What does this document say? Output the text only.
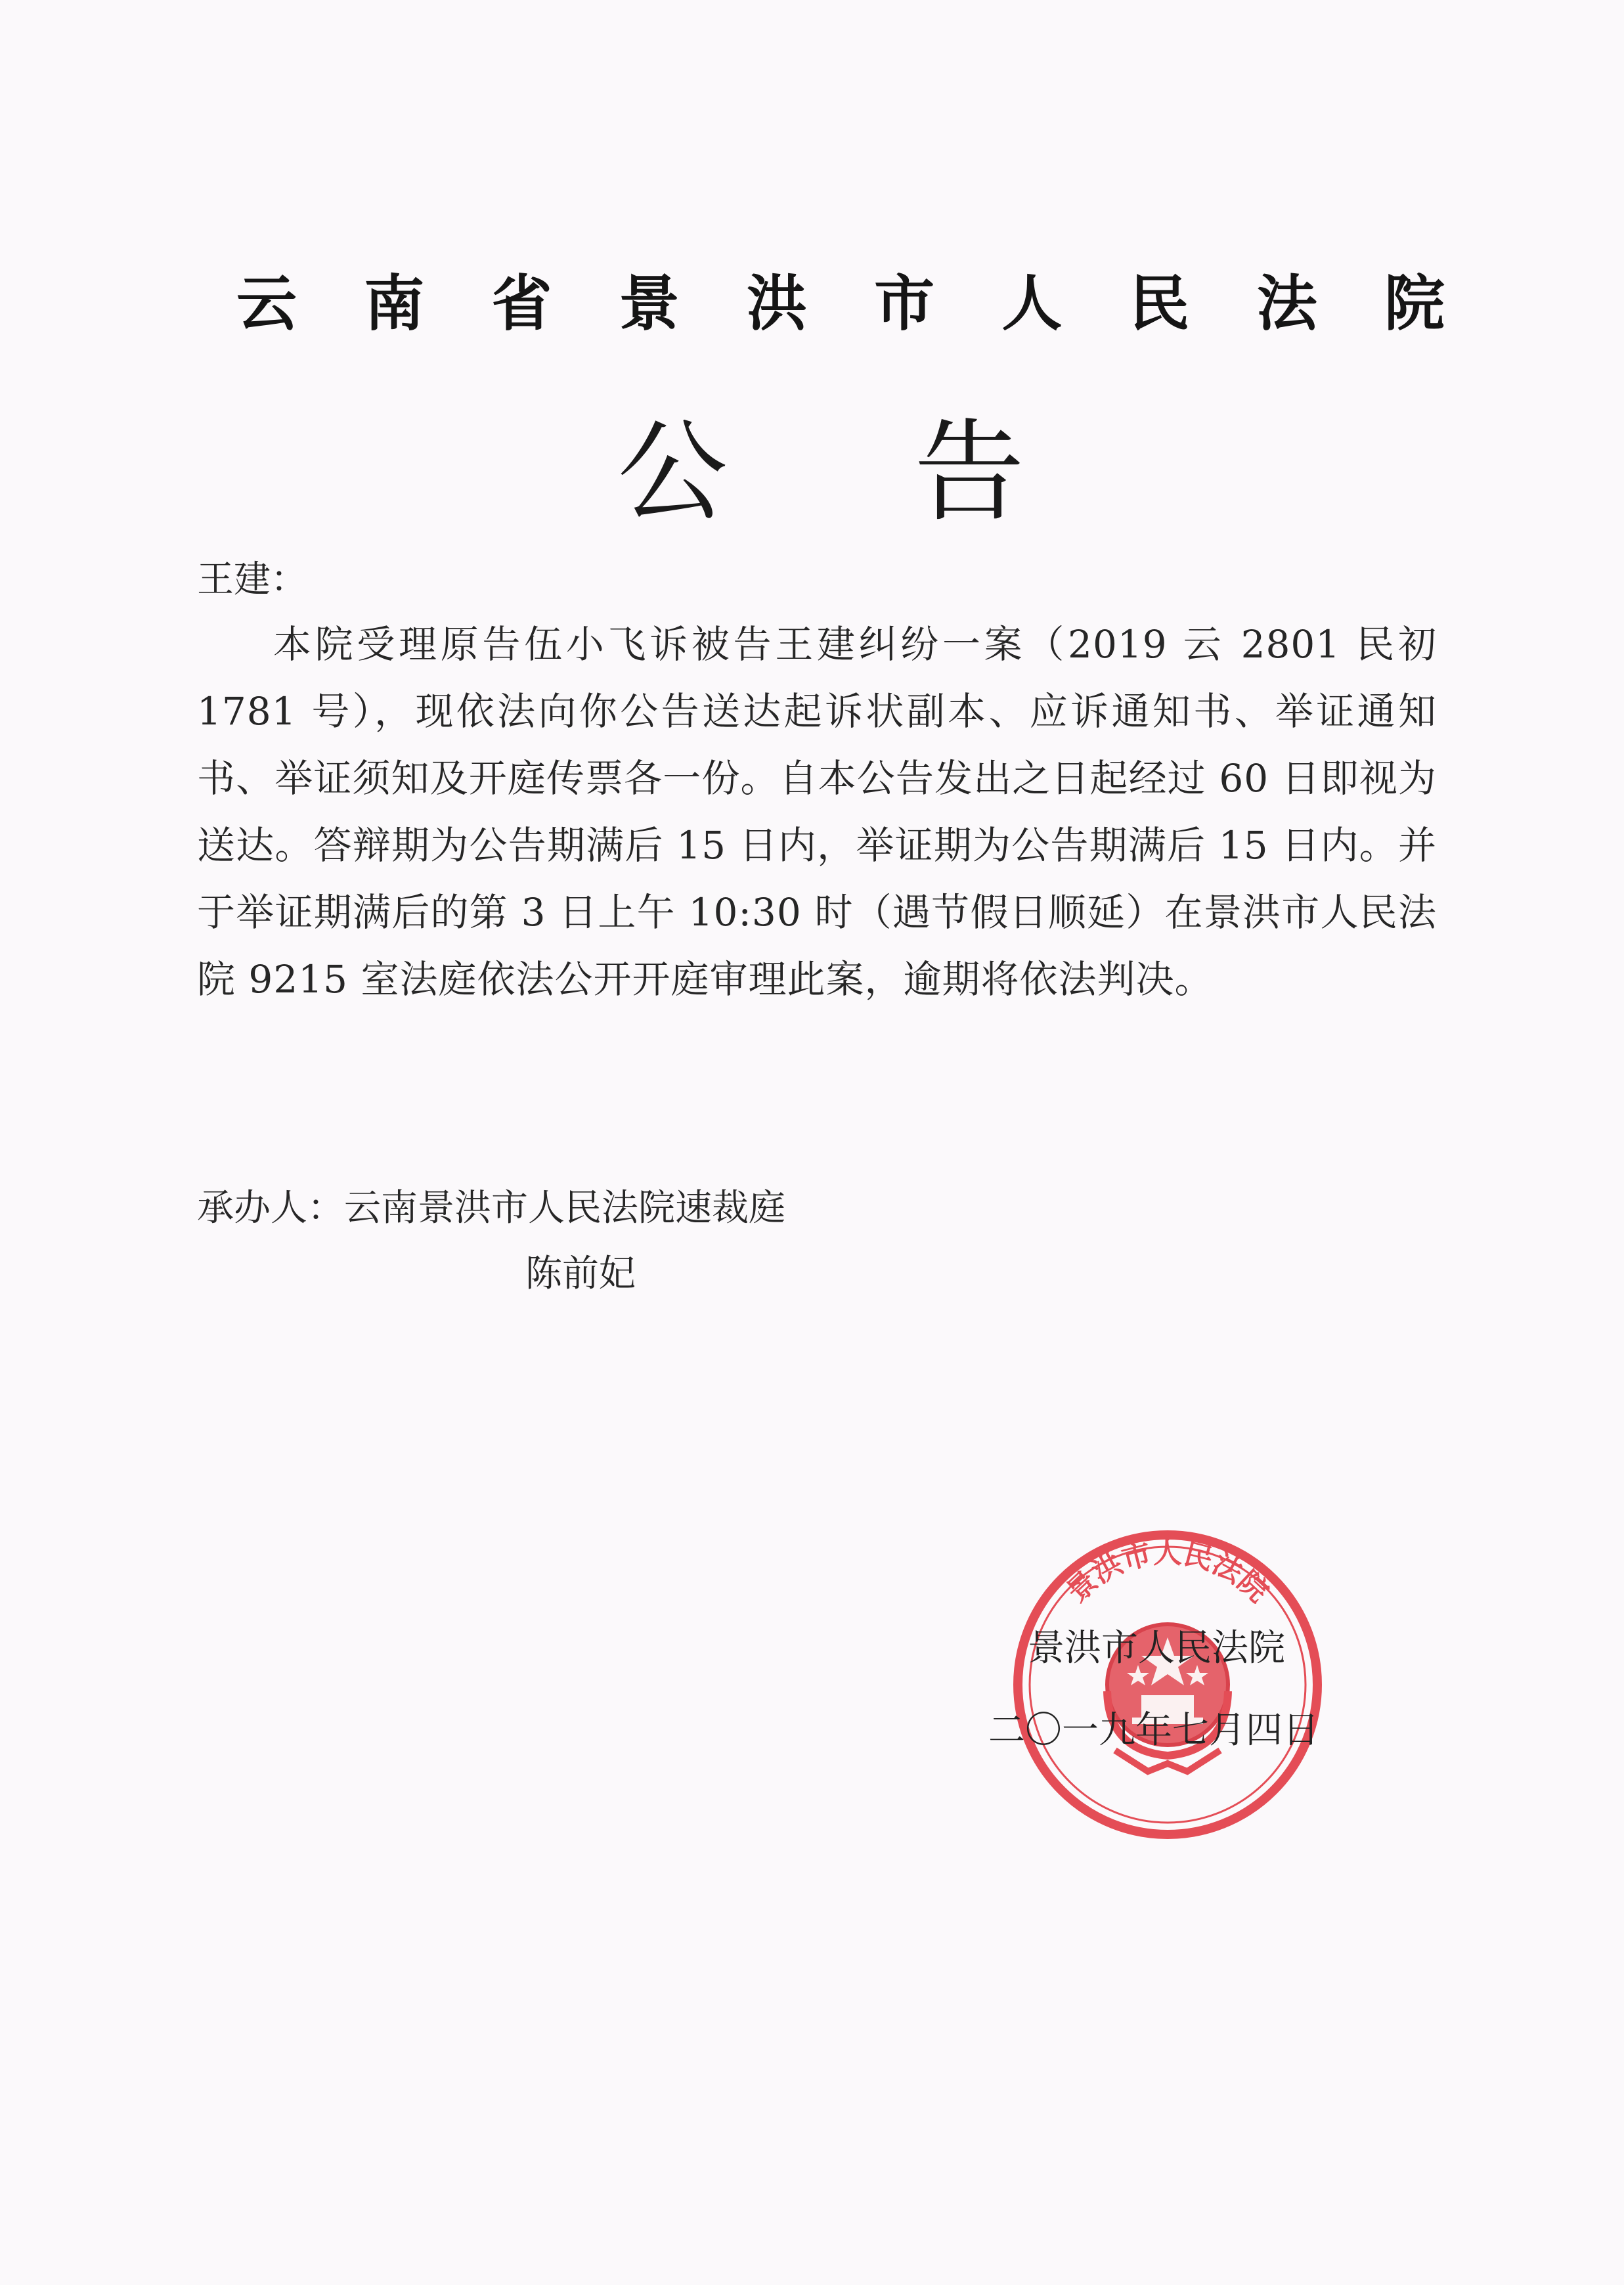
云 南 省 景 洪 市 人 民 法 院
公 告
王建：
本院受理原告伍小飞诉被告王建纠纷一案（2019 云 2801 民初 1781 号），现依法向你公告送达起诉状副本、应诉通知书、举证通知书、举证须知及开庭传票各一份。自本公告发出之日起经过 60 日即视为送达。答辩期为公告期满后 15 日内，举证期为公告期满后 15 日内。并于举证期满后的第 3 日上午 10:30 时（遇节假日顺延）在景洪市人民法院 9215 室法庭依法公开开庭审理此案，逾期将依法判决。
承办人：云南景洪市人民法院速裁庭
陈前妃
景洪市人民法院
景洪市人民法院
二〇一九年七月四日
